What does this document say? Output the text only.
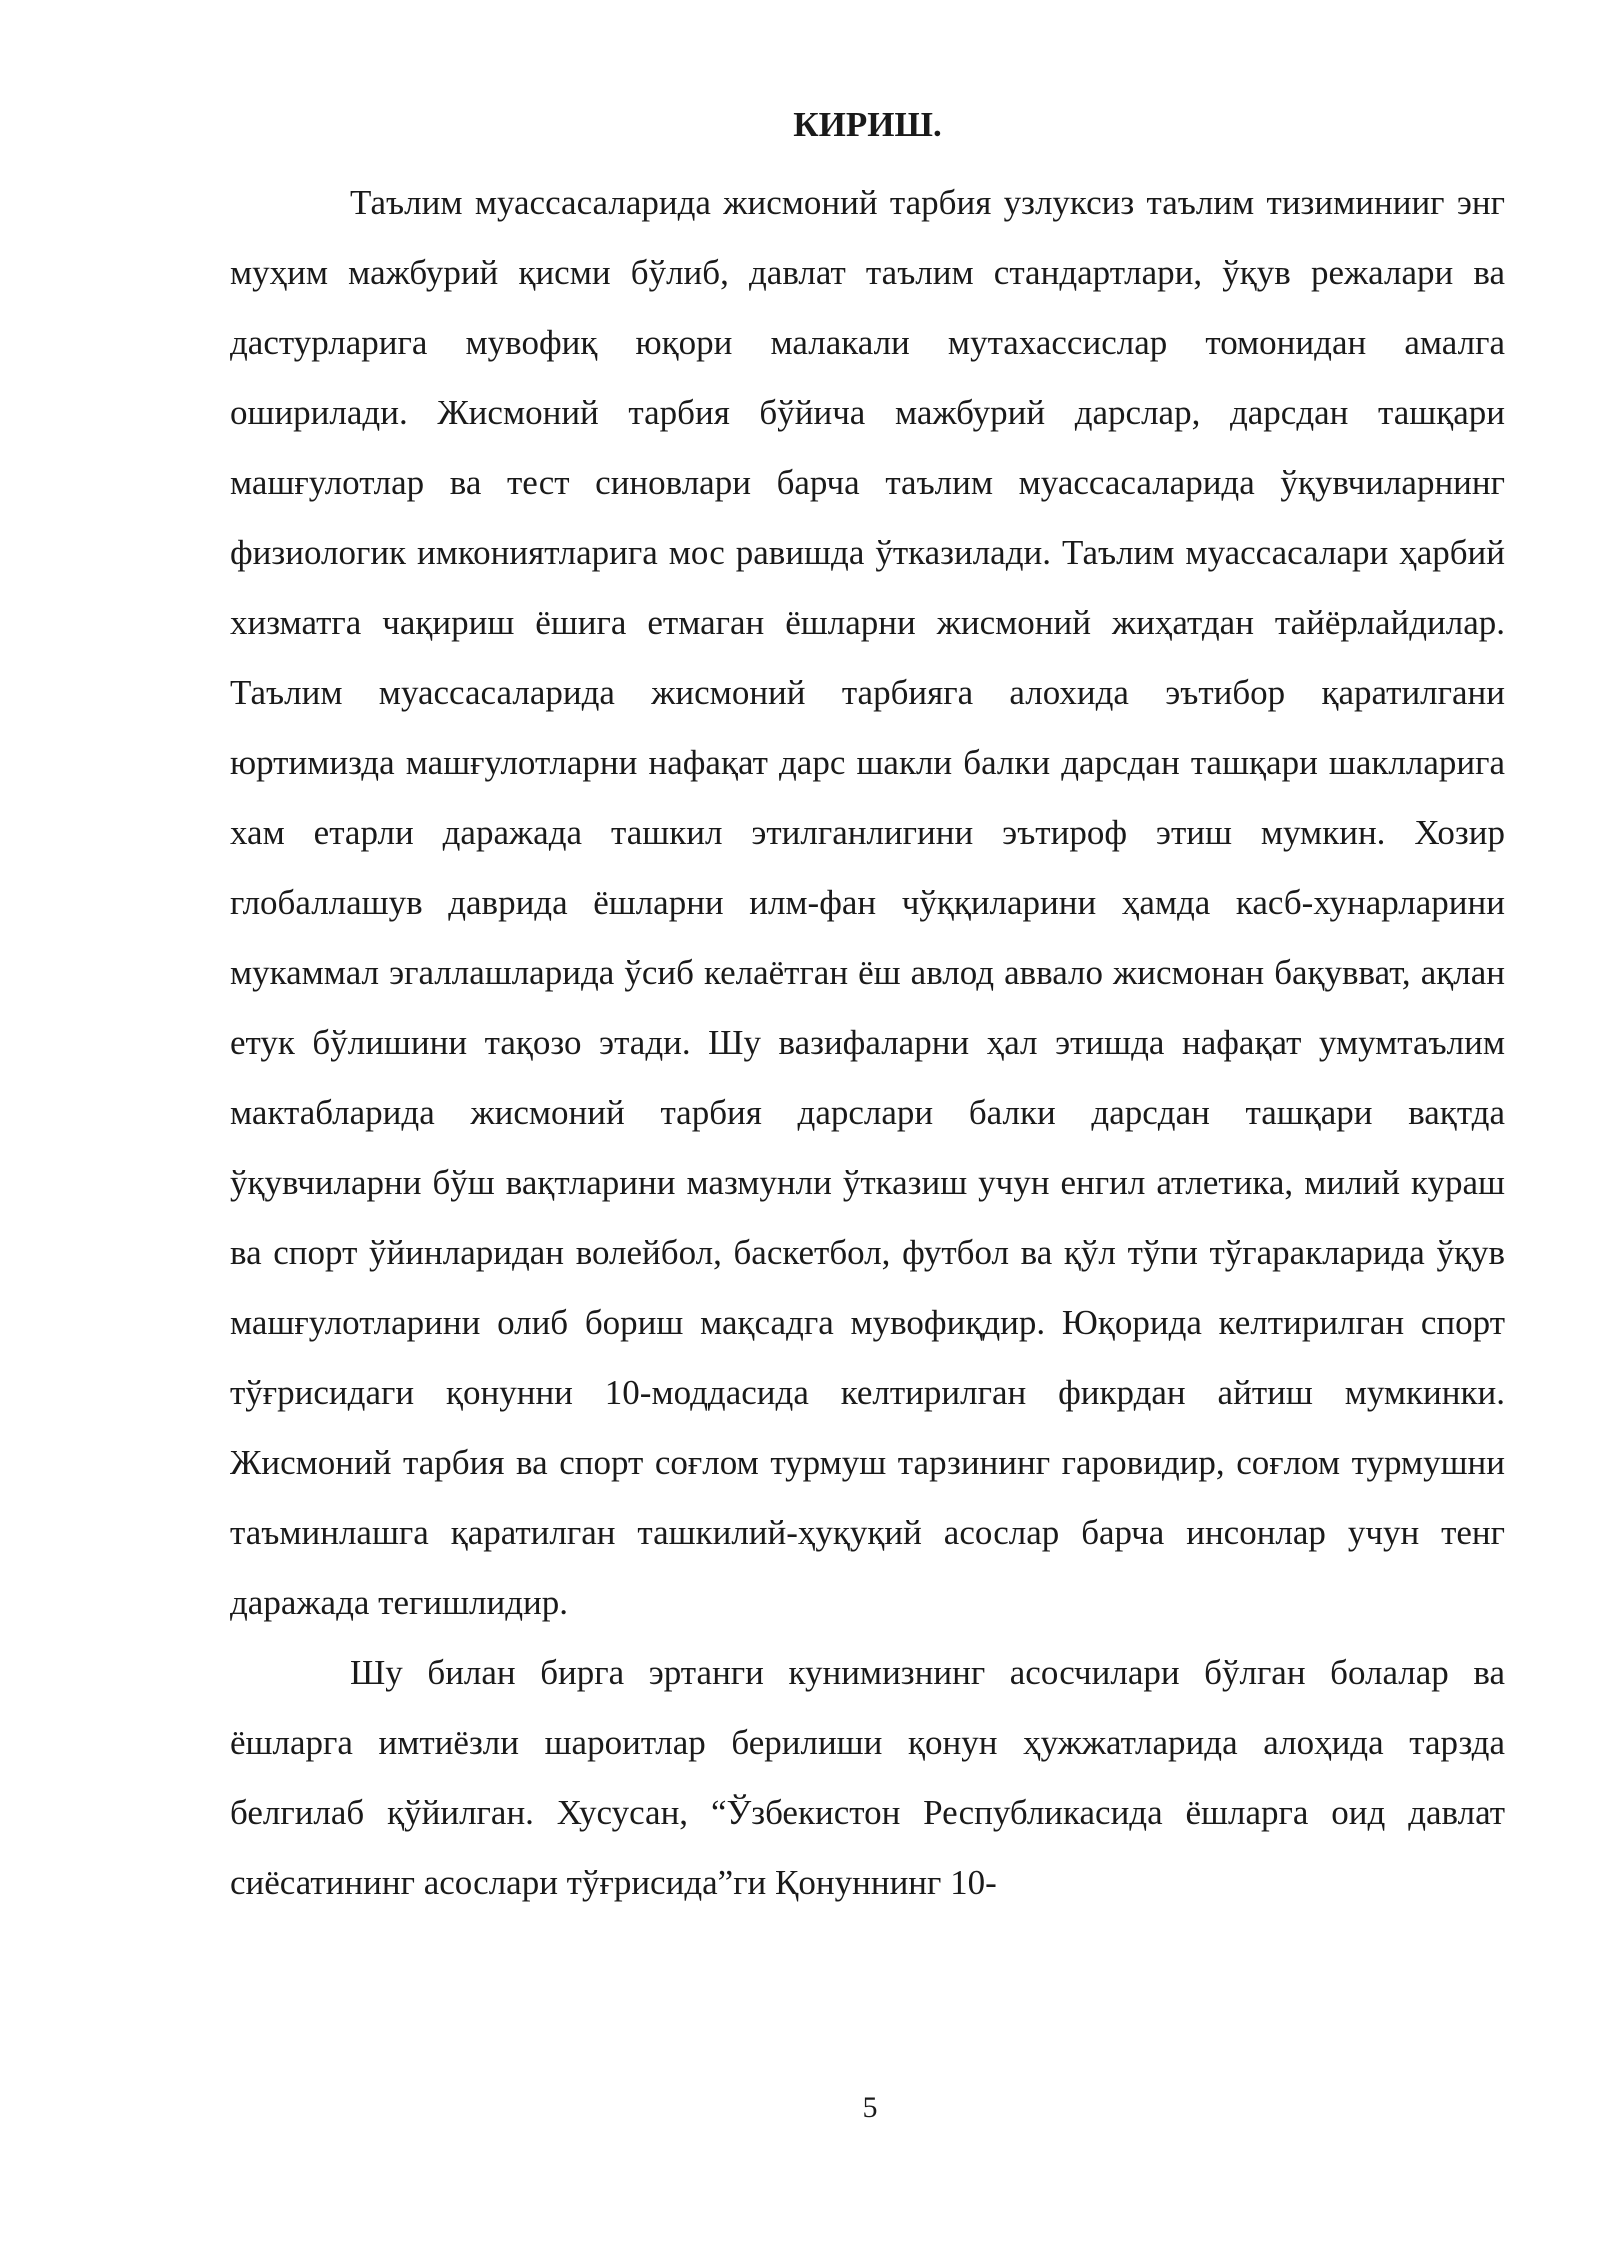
КИРИШ.

Таълим муассасаларида жисмоний тарбия узлуксиз таълим тизиминииг энг муҳим мажбурий қисми бўлиб, давлат таълим стандартлари, ўқув режалари ва дастурларига мувофиқ юқори малакали мутахассислар томонидан амалга оширилади. Жисмоний тарбия бўйича мажбурий дарслар, дарсдан ташқари машғулотлар ва тест синовлари барча таълим муассасаларида ўқувчиларнинг физиологик имкониятларига мос равишда ўтказилади. Таълим муассасалари ҳарбий хизматга чақириш ёшига етмаган ёшларни жисмоний жиҳатдан тайёрлайдилар. Таълим муассасаларида жисмоний тарбияга алохида эътибор қаратилгани юртимизда машғулотларни нафақат дарс шакли балки дарсдан ташқари шаклларига хам етарли даражада ташкил этилганлигини эътироф этиш мумкин. Хозир глобаллашув даврида ёшларни илм-фан чўққиларини ҳамда касб-хунарларини мукаммал эгаллашларида ўсиб келаётган ёш авлод аввало жисмонан бақувват, ақлан етук бўлишини тақозо этади. Шу вазифаларни ҳал этишда нафақат умумтаълим мактабларида жисмоний тарбия дарслари балки дарсдан ташқари вақтда ўқувчиларни бўш вақтларини мазмунли ўтказиш учун енгил атлетика, милий кураш ва спорт ўйинларидан волейбол, баскетбол, футбол ва қўл тўпи тўгаракларида ўқув машғулотларини олиб бориш мақсадга мувофиқдир. Юқорида келтирилган спорт тўғрисидаги қонунни 10-моддасида келтирилган фикрдан айтиш мумкинки. Жисмоний тарбия ва спорт соғлом турмуш тарзининг гаровидир, соғлом турмушни таъминлашга қаратилган ташкилий-ҳуқуқий асослар барча инсонлар учун тенг даражада тегишлидир.

Шу билан бирга эртанги кунимизнинг асосчилари бўлган болалар ва ёшларга имтиёзли шароитлар берилиши қонун ҳужжатларида алоҳида тарзда белгилаб қўйилган. Хусусан, “Ўзбекистон Республикасида ёшларга оид давлат сиёсатининг асослари тўғрисида”ги Қонуннинг 10-

5
